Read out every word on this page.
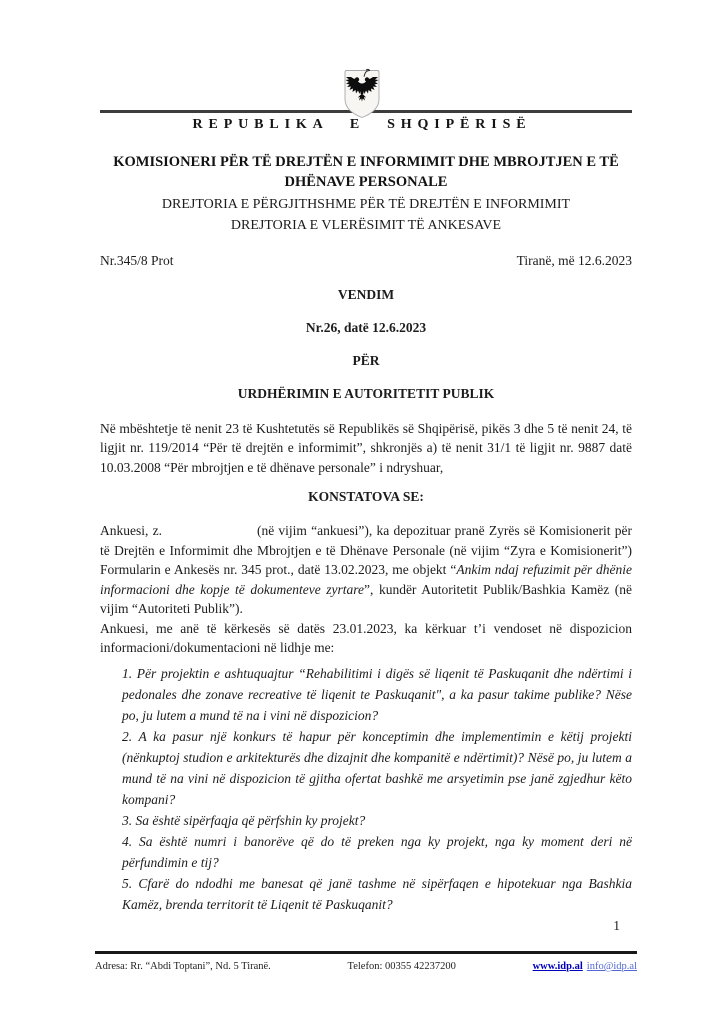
REPUBLIKA E SHQIPËRISË
KOMISIONERI PËR TË DREJTËN E INFORMIMIT DHE MBROJTJEN E TË
DHËNAVE PERSONALE
DREJTORIA E PËRGJITHSHME PËR TË DREJTËN E INFORMIMIT
DREJTORIA E VLERËSIMIT TË ANKESAVE
Nr.345/8 Prot	Tiranë, më 12.6.2023
VENDIM
Nr.26, datë 12.6.2023
PËR
URDHËRIMIN E AUTORITETIT PUBLIK
Në mbështetje të nenit 23 të Kushtetutës së Republikës së Shqipërisë, pikës 3 dhe 5 të nenit 24, të ligjit nr. 119/2014 “Për të drejtën e informimit”, shkronjës a) të nenit 31/1 të ligjit nr. 9887 datë 10.03.2008 “Për mbrojtjen e të dhënave personale” i ndryshuar,
KONSTATOVA SE:
Ankuesi, z.	(në vijim “ankuesi”), ka depozituar pranë Zyrës së Komisionerit për të Drejtën e Informimit dhe Mbrojtjen e të Dhënave Personale (në vijim “Zyra e Komisionerit”) Formularin e Ankesës nr. 345 prot., datë 13.02.2023, me objekt “Ankim ndaj refuzimit për dhënie informacioni dhe kopje të dokumenteve zyrtare”, kundër Autoritetit Publik/Bashkia Kamëz (në vijim “Autoriteti Publik”).
Ankuesi, me anë të kërkesës së datës 23.01.2023, ka kërkuar t’i vendoset në dispozicion informacioni/dokumentacioni në lidhje me:
1. Për projektin e ashtuquajtur “Rehabilitimi i digës së liqenit të Paskuqanit dhe ndërtimi i pedonales dhe zonave recreative të liqenit te Paskuqanit", a ka pasur takime publike? Nëse po, ju lutem a mund të na i vini në dispozicion?
2. A ka pasur një konkurs të hapur për konceptimin dhe implementimin e këtij projekti (nënkuptoj studion e arkitekturës dhe dizajnit dhe kompanitë e ndërtimit)? Nësë po, ju lutem a mund të na vini në dispozicion të gjitha ofertat bashkë me arsyetimin pse janë zgjedhur këto kompani?
3. Sa është sipërfaqja që përfshin ky projekt?
4. Sa është numri i banorëve që do të preken nga ky projekt, nga ky moment deri në përfundimin e tij?
5. Cfarë do ndodhi me banesat që janë tashme në sipërfaqen e hipotekuar nga Bashkia Kamëz, brenda territorit të Liqenit të Paskuqanit?
1
Adresa: Rr. “Abdi Toptani”, Nd. 5 Tiranë.	Telefon: 00355 42237200	www.idp.al info@idp.al
